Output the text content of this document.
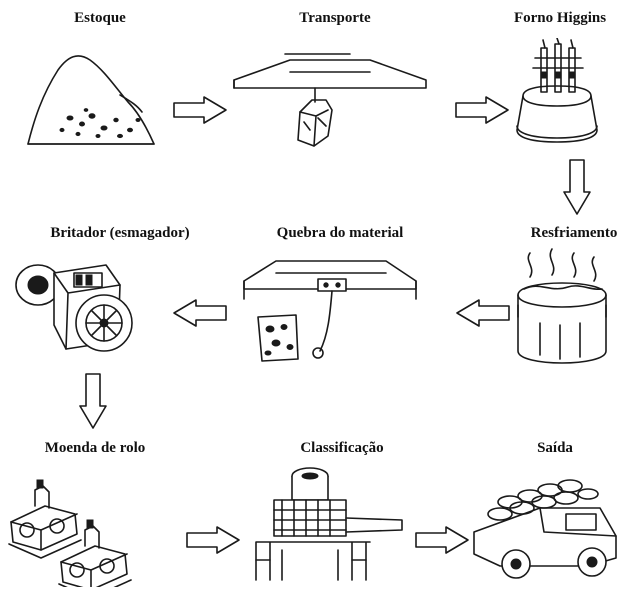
Estoque	Transporte	Forno Higgins
Resfriamento
Quebra do material
Britador (esmagador)
Moenda de rolo	Classificação	Saída
